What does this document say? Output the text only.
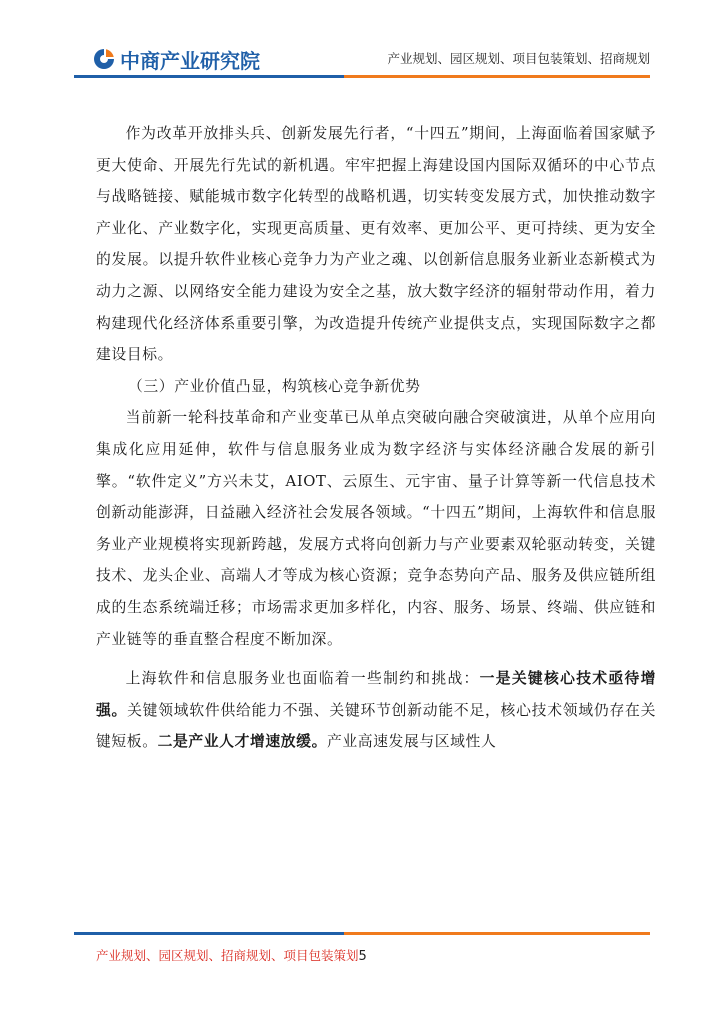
中商产业研究院	产业规划、园区规划、项目包装策划、招商规划

作为改革开放排头兵、创新发展先行者，“十四五”期间，上海面临着国家赋予更大使命、开展先行先试的新机遇。牢牢把握上海建设国内国际双循环的中心节点与战略链接、赋能城市数字化转型的战略机遇，切实转变发展方式，加快推动数字产业化、产业数字化，实现更高质量、更有效率、更加公平、更可持续、更为安全的发展。以提升软件业核心竞争力为产业之魂、以创新信息服务业新业态新模式为动力之源、以网络安全能力建设为安全之基，放大数字经济的辐射带动作用，着力构建现代化经济体系重要引擎，为改造提升传统产业提供支点，实现国际数字之都建设目标。

（三）产业价值凸显，构筑核心竞争新优势

当前新一轮科技革命和产业变革已从单点突破向融合突破演进，从单个应用向集成化应用延伸，软件与信息服务业成为数字经济与实体经济融合发展的新引擎。“软件定义”方兴未艾，AIOT、云原生、元宇宙、量子计算等新一代信息技术创新动能澎湃，日益融入经济社会发展各领域。“十四五”期间，上海软件和信息服务业产业规模将实现新跨越，发展方式将向创新力与产业要素双轮驱动转变，关键技术、龙头企业、高端人才等成为核心资源；竞争态势向产品、服务及供应链所组成的生态系统端迁移；市场需求更加多样化，内容、服务、场景、终端、供应链和产业链等的垂直整合程度不断加深。

上海软件和信息服务业也面临着一些制约和挑战：一是关键核心技术亟待增强。关键领域软件供给能力不强、关键环节创新动能不足，核心技术领域仍存在关键短板。二是产业人才增速放缓。产业高速发展与区域性人

产业规划、园区规划、招商规划、项目包装策划5
